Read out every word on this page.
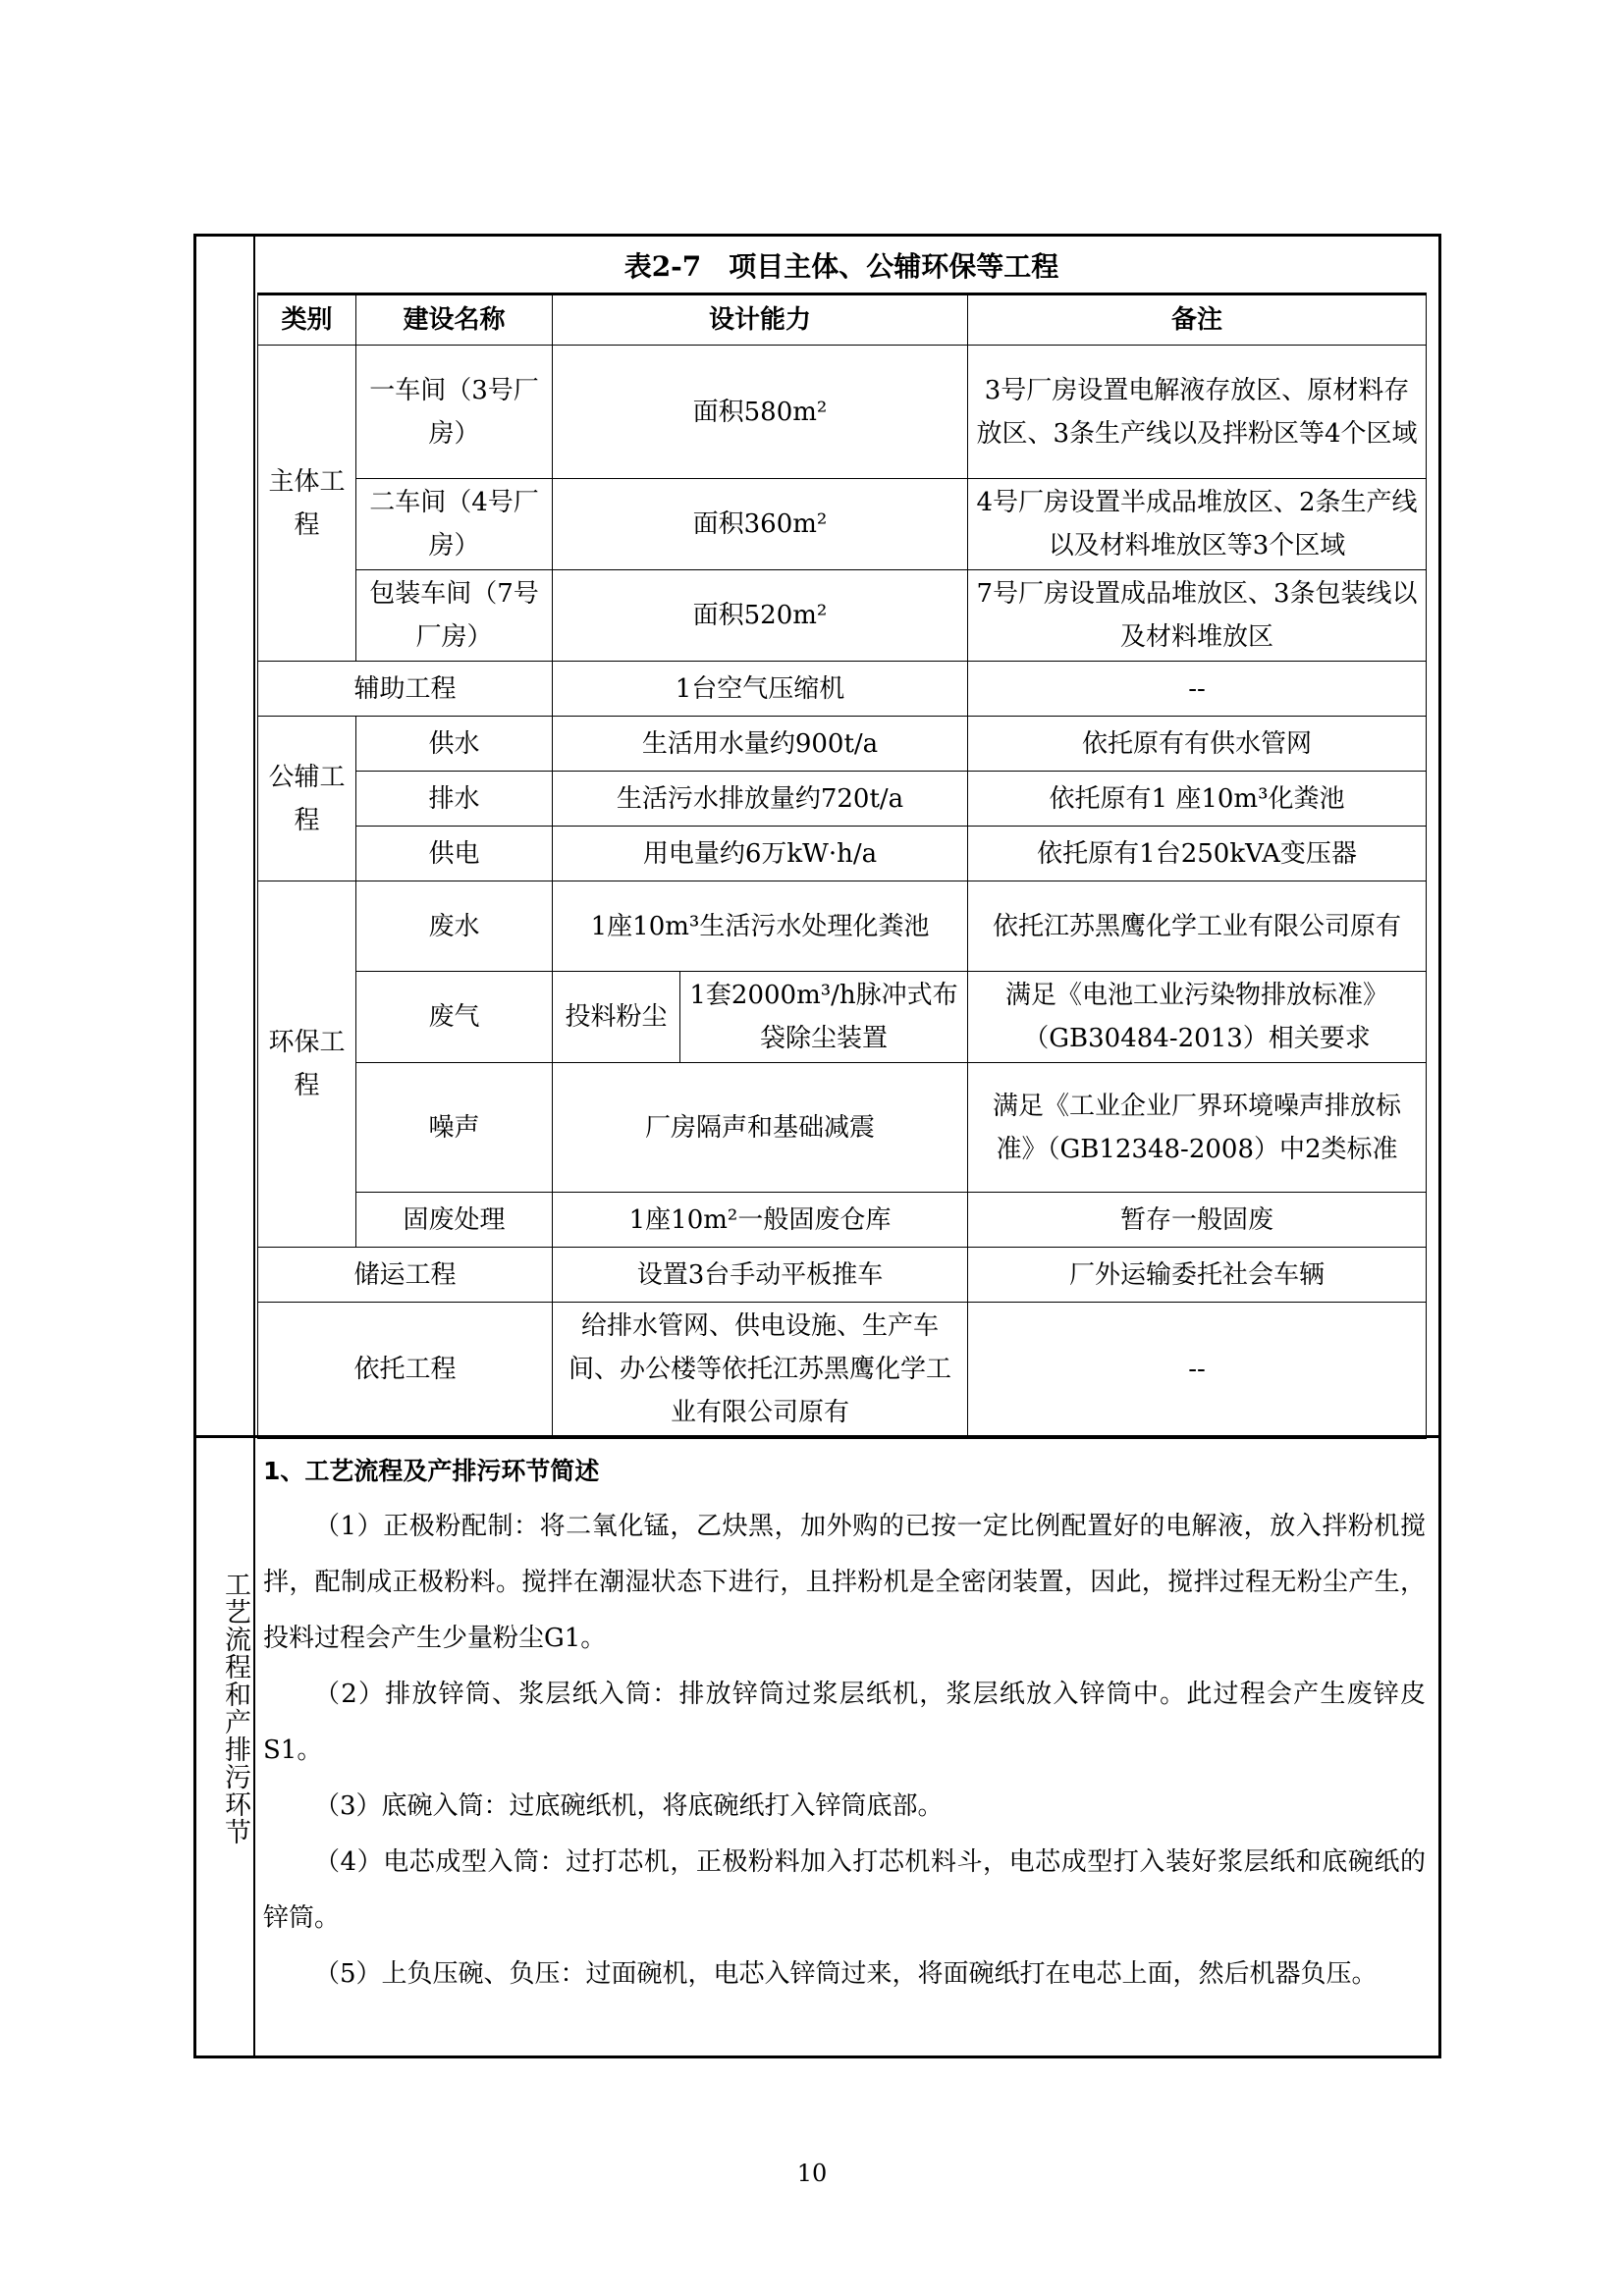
表2-7　项目主体、公辅环保等工程
类别	建设名称	设计能力		备注
主体工程	一车间（3号厂房）	面积580m²		3号厂房设置电解液存放区、原材料存放区、3条生产线以及拌粉区等4个区域
	二车间（4号厂房）	面积360m²		4号厂房设置半成品堆放区、2条生产线以及材料堆放区等3个区域
	包装车间（7号厂房）	面积520m²		7号厂房设置成品堆放区、3条包装线以及材料堆放区
辅助工程		1台空气压缩机		--
公辅工程	供水	生活用水量约900t/a		依托原有有供水管网
	排水	生活污水排放量约720t/a		依托原有1 座10m³化粪池
	供电	用电量约6万kW·h/a		依托原有1台250kVA变压器
环保工程	废水	1座10m³生活污水处理化粪池		依托江苏黑鹰化学工业有限公司原有
	废气	投料粉尘	1套2000m³/h脉冲式布袋除尘装置	满足《电池工业污染物排放标准》（GB30484-2013）相关要求
	噪声	厂房隔声和基础减震		满足《工业企业厂界环境噪声排放标准》（GB12348-2008）中2类标准
	固废处理	1座10m²一般固废仓库		暂存一般固废
储运工程		设置3台手动平板推车		厂外运输委托社会车辆
依托工程		给排水管网、供电设施、生产车间、办公楼等依托江苏黑鹰化学工业有限公司原有		--
工艺流程和产排污环节
1、工艺流程及产排污环节简述

（1）正极粉配制：将二氧化锰，乙炔黑，加外购的已按一定比例配置好的电解液，放入拌粉机搅拌，配制成正极粉料。搅拌在潮湿状态下进行，且拌粉机是全密闭装置，因此，搅拌过程无粉尘产生，投料过程会产生少量粉尘G1。

（2）排放锌筒、浆层纸入筒：排放锌筒过浆层纸机，浆层纸放入锌筒中。此过程会产生废锌皮S1。

（3）底碗入筒：过底碗纸机，将底碗纸打入锌筒底部。

（4）电芯成型入筒：过打芯机，正极粉料加入打芯机料斗，电芯成型打入装好浆层纸和底碗纸的锌筒。

（5）上负压碗、负压：过面碗机，电芯入锌筒过来，将面碗纸打在电芯上面，然后机器负压。

10
